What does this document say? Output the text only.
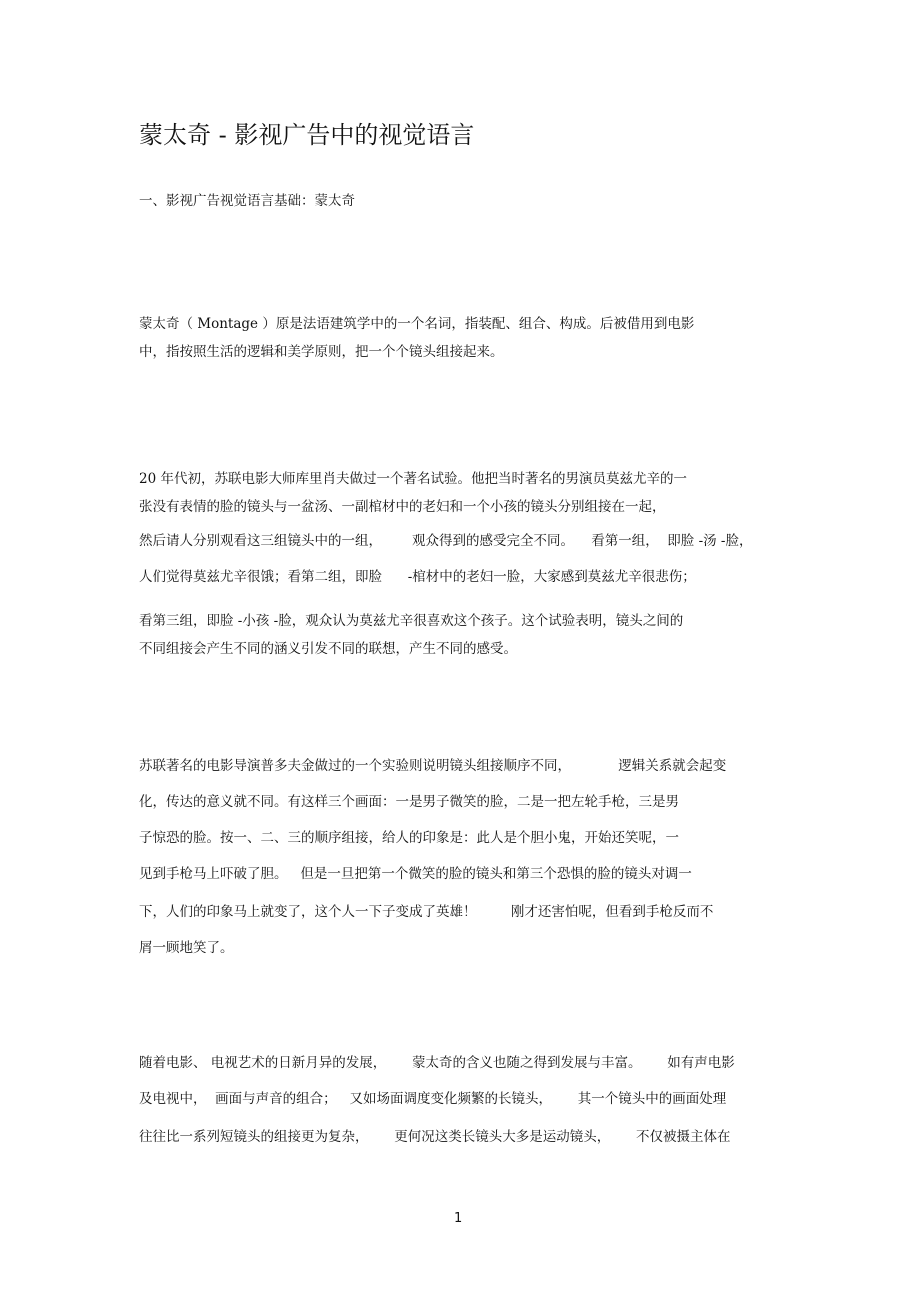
蒙太奇 - 影视广告中的视觉语言
一、影视广告视觉语言基础：蒙太奇

蒙太奇（ Montage ）原是法语建筑学中的一个名词，指装配、组合、构成。后被借用到电影

中，指按照生活的逻辑和美学原则，把一个个镜头组接起来。

20 年代初，苏联电影大师库里肖夫做过一个著名试验。他把当时著名的男演员莫兹尤辛的一

张没有表情的脸的镜头与一盆汤、一副棺材中的老妇和一个小孩的镜头分别组接在一起，

然后请人分别观看这三组镜头中的一组，       观众得到的感受完全不同。    看第一组，  即脸 -汤 -脸，

人们觉得莫兹尤辛很饿；看第二组，即脸      -棺材中的老妇一脸，大家感到莫兹尤辛很悲伤；

看第三组，即脸 -小孩 -脸，观众认为莫兹尤辛很喜欢这个孩子。这个试验表明，镜头之间的

不同组接会产生不同的涵义引发不同的联想，产生不同的感受。

苏联著名的电影导演普多夫金做过的一个实验则说明镜头组接顺序不同，           逻辑关系就会起变

化，传达的意义就不同。有这样三个画面：一是男子微笑的脸，二是一把左轮手枪，三是男

子惊恐的脸。按一、二、三的顺序组接，给人的印象是：此人是个胆小鬼，开始还笑呢，一

见到手枪马上吓破了胆。   但是一旦把第一个微笑的脸的镜头和第三个恐惧的脸的镜头对调一

下，人们的印象马上就变了，这个人一下子变成了英雄！        刚才还害怕呢，但看到手枪反而不

屑一顾地笑了。

随着电影、 电视艺术的日新月异的发展，      蒙太奇的含义也随之得到发展与丰富。      如有声电影

及电视中，  画面与声音的组合；   又如场面调度变化频繁的长镜头，      其一个镜头中的画面处理

往往比一系列短镜头的组接更为复杂，      更何况这类长镜头大多是运动镜头，      不仅被摄主体在

1
